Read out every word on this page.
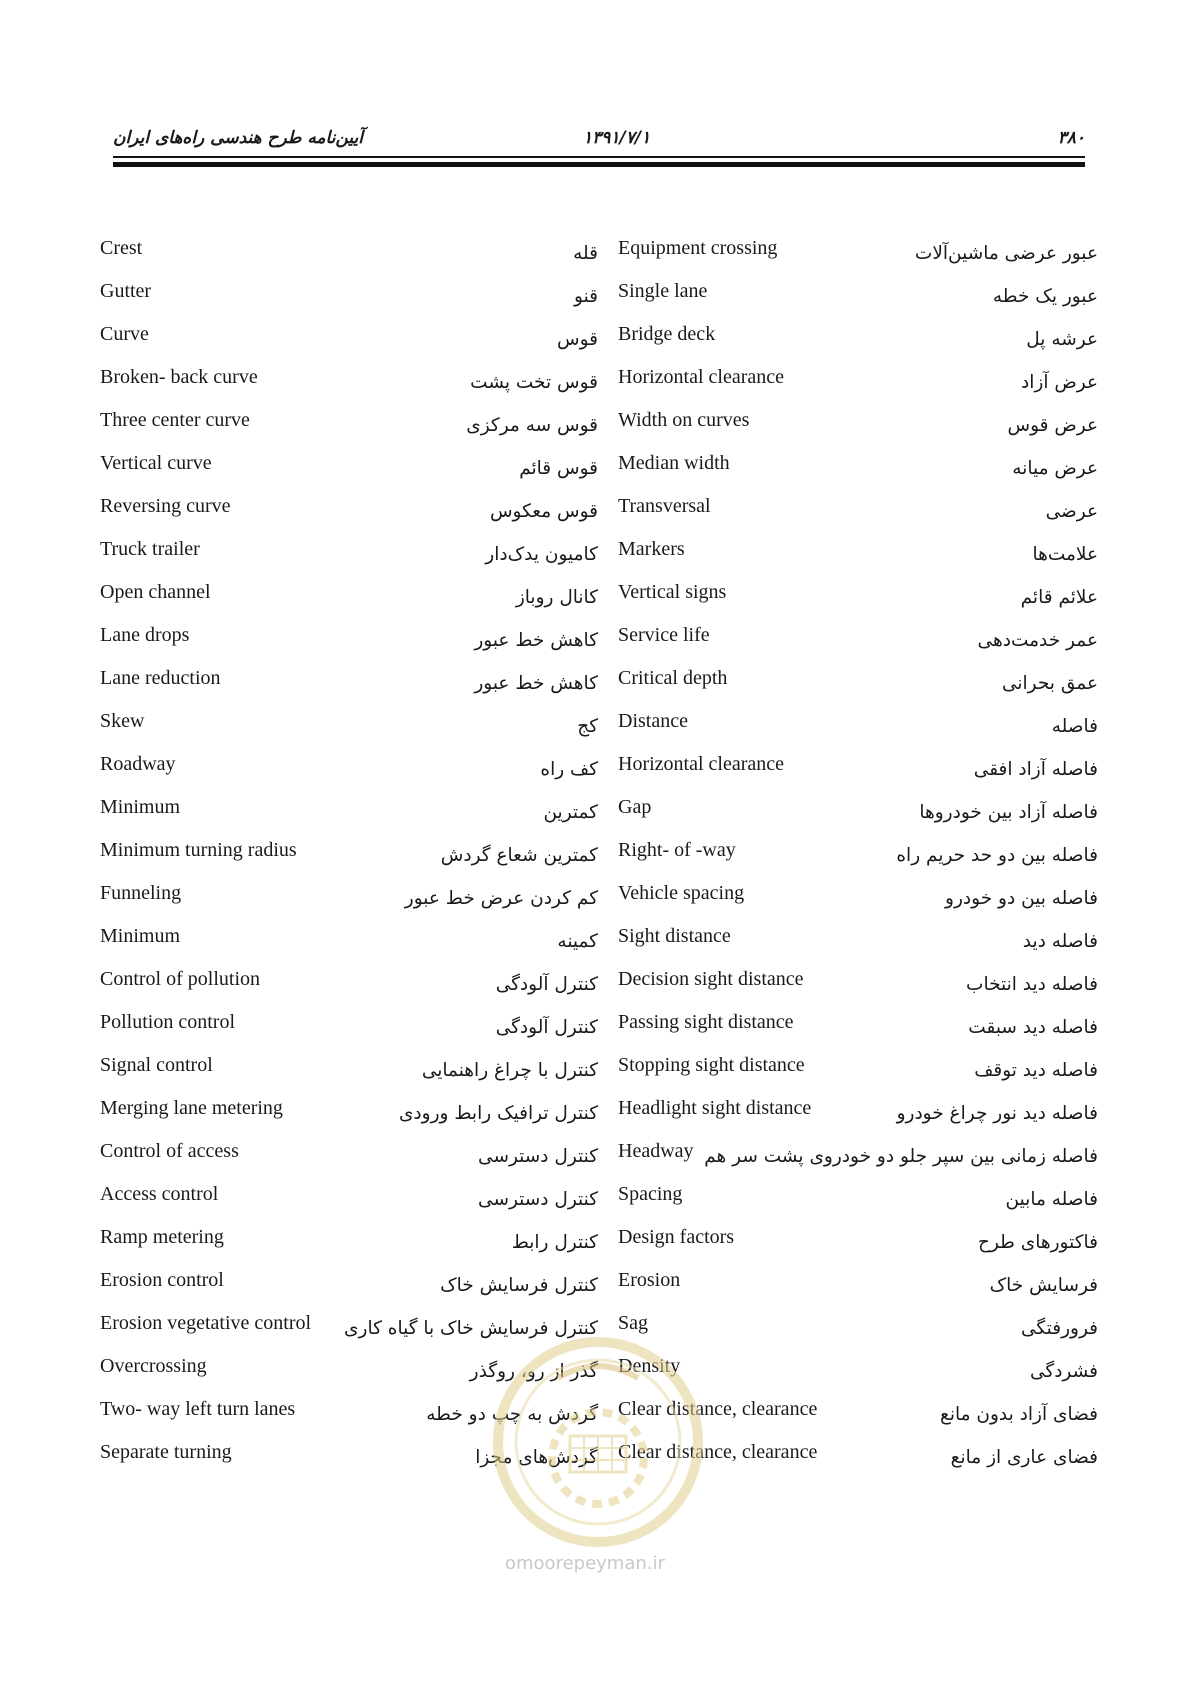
آیین‌نامه طرح هندسی راه‌های ایران	۱۳۹۱/۷/۱	۳۸۰
Crest	قله Equipment crossing	عبور عرضی ماشین‌آلات
Gutter	قنو Single lane	عبور یک خطه
Curve	قوس Bridge deck	عرشه پل
Broken- back curve	قوس تخت پشت Horizontal clearance	عرض آزاد
Three center curve	قوس سه مرکزی Width on curves	عرض قوس
Vertical curve	قوس قائم Median width	عرض میانه
Reversing curve	قوس معکوس Transversal	عرضی
Truck trailer	کامیون یدک‌دار Markers	علامت‌ها
Open channel	کانال روباز Vertical signs	علائم قائم
Lane drops	کاهش خط عبور Service life	عمر خدمت‌دهی
Lane reduction	کاهش خط عبور Critical depth	عمق بحرانی
Skew	کج Distance	فاصله
Roadway	کف راه Horizontal clearance	فاصله آزاد افقی
Minimum	کمترین Gap	فاصله آزاد بین خودروها
Minimum turning radius	کمترین شعاع گردش Right- of -way	فاصله بین دو حد حریم راه
Funneling	کم کردن عرض خط عبور Vehicle spacing	فاصله بین دو خودرو
Minimum	کمینه Sight distance	فاصله دید
Control of pollution	کنترل آلودگی Decision sight distance	فاصله دید انتخاب
Pollution control	کنترل آلودگی Passing sight distance	فاصله دید سبقت
Signal control	کنترل با چراغ راهنمایی Stopping sight distance	فاصله دید توقف
Merging lane metering	کنترل ترافیک رابط ورودی Headlight sight distance	فاصله دید نور چراغ خودرو
Control of access	کنترل دسترسی Headway فاصله زمانی بین سپر جلو دو خودروی پشت سر هم
Access control	کنترل دسترسی Spacing	فاصله مابین
Ramp metering	کنترل رابط Design factors	فاکتورهای طرح
Erosion control	کنترل فرسایش خاک Erosion	فرسایش خاک
Erosion vegetative control کنترل فرسایش خاک با گیاه کاری Sag	فرورفتگی
Overcrossing	گذر از رو، روگذر Density	فشردگی
Two- way left turn lanes	گردش به چپ دو خطه Clear distance, clearance	فضای آزاد بدون مانع
Separate turning	گردش‌های مجزا Clear distance, clearance	فضای عاری از مانع
omoorepeyman.ir
